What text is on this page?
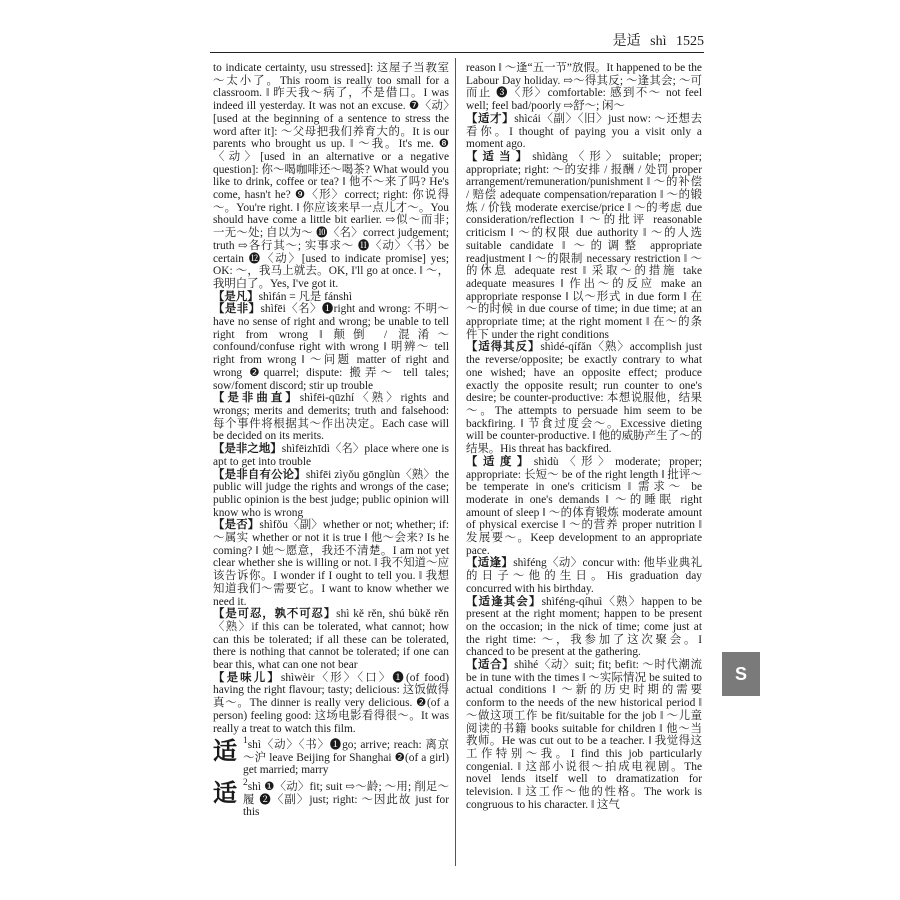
是适 shì 1525

to indicate certainty, usu stressed]: 这屋子当教室～太小了。This room is really too small for a classroom. ‖ 昨天我～病了，不是借口。I was indeed ill yesterday. It was not an excuse. ❼〈动〉[used at the beginning of a sentence to stress the word after it]: ～父母把我们养育大的。It is our parents who brought us up. ‖ ～我。It's me. ❽〈动〉[used in an alternative or a negative question]: 你～喝咖啡还～喝茶? What would you like to drink, coffee or tea? ‖ 他不～来了吗? He's come, hasn't he? ❾〈形〉correct; right: 你说得～。You're right. ‖ 你应该来早一点儿才～。You should have come a little bit earlier. ⇨似～而非; 一无～处; 自以为～ ❿〈名〉correct judgement; truth ⇨各行其～; 实事求～ ⓫〈动〉〈书〉be certain ⓬〈动〉[used to indicate promise] yes; OK: ～，我马上就去。OK, I'll go at once. ‖ ～，我明白了。Yes, I've got it.

【是凡】shìfán = 凡是 fánshì

【是非】shìfēi〈名〉❶right and wrong: 不明～ have no sense of right and wrong; be unable to tell right from wrong ‖ 颠倒 / 混淆～ confound/confuse right with wrong ‖ 明辨～ tell right from wrong ‖ ～问题 matter of right and wrong ❷quarrel; dispute: 搬弄～ tell tales; sow/foment discord; stir up trouble

【是非曲直】shìfēi-qūzhí〈熟〉rights and wrongs; merits and demerits; truth and falsehood: 每个事件将根据其～作出决定。Each case will be decided on its merits.

【是非之地】shìfēizhīdì〈名〉place where one is apt to get into trouble

【是非自有公论】shìfēi zìyǒu gōnglùn〈熟〉the public will judge the rights and wrongs of the case; public opinion is the best judge; public opinion will know who is wrong

【是否】shìfǒu〈副〉whether or not; whether; if: ～属实 whether or not it is true ‖ 他～会来? Is he coming? ‖ 她～愿意，我还不清楚。I am not yet clear whether she is willing or not. ‖ 我不知道～应该告诉你。I wonder if I ought to tell you. ‖ 我想知道我们～需要它。I want to know whether we need it.

【是可忍，孰不可忍】shì kě rěn, shú bùkě rěn〈熟〉if this can be tolerated, what cannot; how can this be tolerated; if all these can be tolerated, there is nothing that cannot be tolerated; if one can bear this, what can one not bear

【是味儿】shìwèir〈形〉〈口〉❶(of food) having the right flavour; tasty; delicious: 这饭做得真～。The dinner is really very delicious. ❷(of a person) feeling good: 这场电影看得很～。It was really a treat to watch this film.

适 $^1$shì〈动〉〈书〉❶go; arrive; reach: 离京～沪 leave Beijing for Shanghai ❷(of a girl) get married; marry

适 $^2$shì ❶〈动〉fit; suit ⇨～龄; ～用; 削足～履 ❷〈副〉just; right: ～因此故 just for this

reason ‖ ～逢“五一节”放假。It happened to be the Labour Day holiday. ⇨～得其反; ～逢其会; ～可而止 ❸〈形〉comfortable: 感到不～ not feel well; feel bad/poorly ⇨舒～; 闲～

【适才】shìcái〈副〉〈旧〉just now: ～还想去看你。I thought of paying you a visit only a moment ago.

【适当】shìdàng〈形〉suitable; proper; appropriate; right: ～的安排 / 报酬 / 处罚 proper arrangement/remuneration/punishment ‖ ～的补偿 / 赔偿 adequate compensation/reparation ‖ ～的锻炼 / 价钱 moderate exercise/price ‖ ～的考虑 due consideration/reflection ‖ ～的批评 reasonable criticism ‖ ～的权限 due authority ‖ ～的人选 suitable candidate ‖ ～的调整 appropriate readjustment ‖ ～的限制 necessary restriction ‖ ～的休息 adequate rest ‖ 采取～的措施 take adequate measures ‖ 作出～的反应 make an appropriate response ‖ 以～形式 in due form ‖ 在～的时候 in due course of time; in due time; at an appropriate time; at the right moment ‖ 在～的条件下 under the right conditions

【适得其反】shìdé-qífǎn〈熟〉accomplish just the reverse/opposite; be exactly contrary to what one wished; have an opposite effect; produce exactly the opposite result; run counter to one's desire; be counter-productive: 本想说服他，结果～。The attempts to persuade him seem to be backfiring. ‖ 节食过度会～。Excessive dieting will be counter-productive. ‖ 他的威胁产生了～的结果。His threat has backfired.

【适度】shìdù〈形〉moderate; proper; appropriate: 长短～ be of the right length ‖ 批评～ be temperate in one's criticism ‖ 需求～ be moderate in one's demands ‖ ～的睡眠 right amount of sleep ‖ ～的体育锻炼 moderate amount of physical exercise ‖ ～的营养 proper nutrition ‖ 发展要～。Keep development to an appropriate pace.

【适逢】shìféng〈动〉concur with: 他毕业典礼的日子～他的生日。His graduation day concurred with his birthday.

【适逢其会】shìféng-qíhuì〈熟〉happen to be present at the right moment; happen to be present on the occasion; in the nick of time; come just at the right time: ～，我参加了这次聚会。I chanced to be present at the gathering.

【适合】shìhé〈动〉suit; fit; befit: ～时代潮流 be in tune with the times ‖ ～实际情况 be suited to actual conditions ‖ ～新的历史时期的需要 conform to the needs of the new historical period ‖ ～做这项工作 be fit/suitable for the job ‖ ～儿童阅读的书籍 books suitable for children ‖ 他～当教师。He was cut out to be a teacher. ‖ 我觉得这工作特别～我。I find this job particularly congenial. ‖ 这部小说很～拍成电视剧。The novel lends itself well to dramatization for television. ‖ 这工作～他的性格。The work is congruous to his character. ‖ 这气

S
